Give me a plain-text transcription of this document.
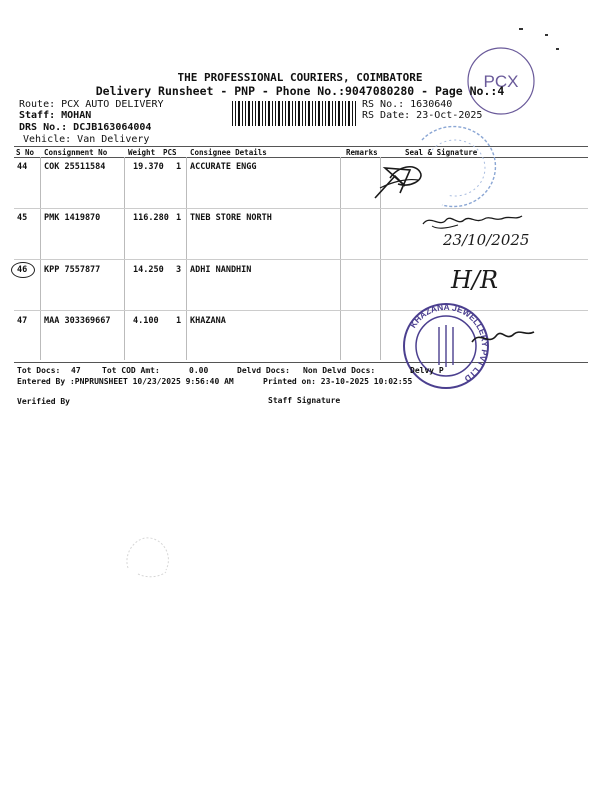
PCX
THE PROFESSIONAL COURIERS, COIMBATORE
Delivery Runsheet - PNP - Phone No.:9047080280 - Page No.:4
Route: PCX AUTO DELIVERY
Staff: MOHAN
DRS No.: DCJB163064004
Vehicle: Van Delivery
RS No.: 1630640
RS Date: 23-Oct-2025
S No Consignment No	Weight PCS Consignee Details	Remarks	Seal & Signature
44 COK 25511584	19.370 1 ACCURATE ENGG
45 PMK 1419870	116.280 1 TNEB STORE NORTH
46 KPP 7557877	14.250 3 ADHI NANDHIN
47 MAA 303369667	4.100 1 KHAZANA
23/10/2025
H/R
KHAZANA JEWELLERY PVT LTD
Tot Docs: 47	Tot COD Amt:	0.00	Delvd Docs: Non Delvd Docs:	Delvy P
Entered By :PNPRUNSHEET 10/23/2025 9:56:40 AM	Printed on: 23-10-2025 10:02:55
Verified By	Staff Signature
